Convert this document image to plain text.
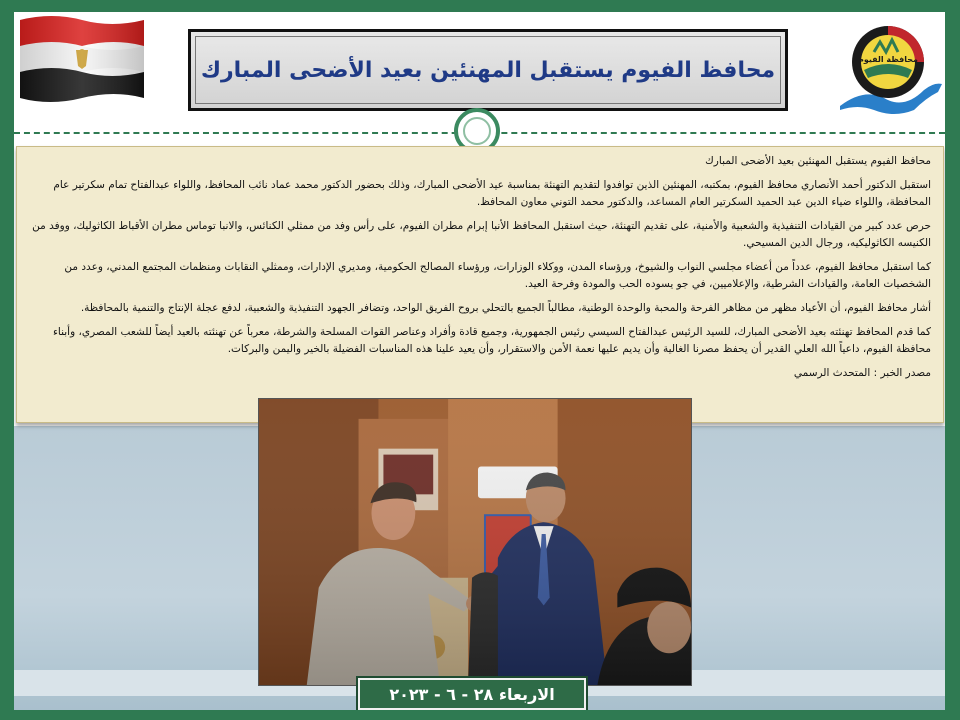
محافظة الفيوم
محافظ الفيوم يستقبل المهنئين بعيد الأضحى المبارك

محافظ الفيوم يستقبل المهنئين بعيد الأضحى المبارك

استقبل الدكتور أحمد الأنصاري محافظ الفيوم، بمكتبه، المهنئين الذين توافدوا لتقديم التهنئة بمناسبة عيد الأضحى المبارك، وذلك بحضور الدكتور محمد عماد نائب المحافظ، واللواء عبدالفتاح تمام سكرتير عام المحافظة، واللواء ضياء الدين عبد الحميد السكرتير العام المساعد، والدكتور محمد التوني معاون المحافظ.

حرص عدد كبير من القيادات التنفيذية والشعبية والأمنية، على تقديم التهنئة، حيث استقبل المحافظ الأنبا إبرام مطران الفيوم، على رأس وفد من ممثلي الكنائس، والانبا توماس مطران الأقباط الكاثوليك، ووفد من الكنيسه الكاثوليكيه، ورجال الدين المسيحي.

كما استقبل محافظ الفيوم، عدداً من أعضاء مجلسي النواب والشيوخ، ورؤساء المدن، ووكلاء الوزارات، ورؤساء المصالح الحكومية، ومديري الإدارات، وممثلي النقابات ومنظمات المجتمع المدني، وعدد من الشخصيات العامة، والقيادات الشرطية، والإعلاميين، في جو يسوده الحب والمودة وفرحة العيد.

أشار محافظ الفيوم، أن الأعياد مظهر من مظاهر الفرحة والمحبة والوحدة الوطنية، مطالباً الجميع بالتحلي بروح الفريق الواحد، وتضافر الجهود التنفيذية والشعبية، لدفع عجلة الإنتاج والتنمية بالمحافظة.

كما قدم المحافظ تهنئته بعيد الأضحى المبارك، للسيد الرئيس عبدالفتاح السيسي رئيس الجمهورية، وجميع قادة وأفراد وعناصر القوات المسلحة والشرطة، معرباً عن تهنئته بالعيد أيضاً للشعب المصري، وأبناء محافظة الفيوم، داعياً الله العلي القدير أن يحفظ مصرنا الغالية وأن يديم عليها نعمة الأمن والاستقرار، وأن يعيد علينا هذه المناسبات الفضيلة بالخير واليمن والبركات.

مصدر الخبر : المتحدث الرسمي

الاربعاء ٢٨ - ٦ - ٢٠٢٣
